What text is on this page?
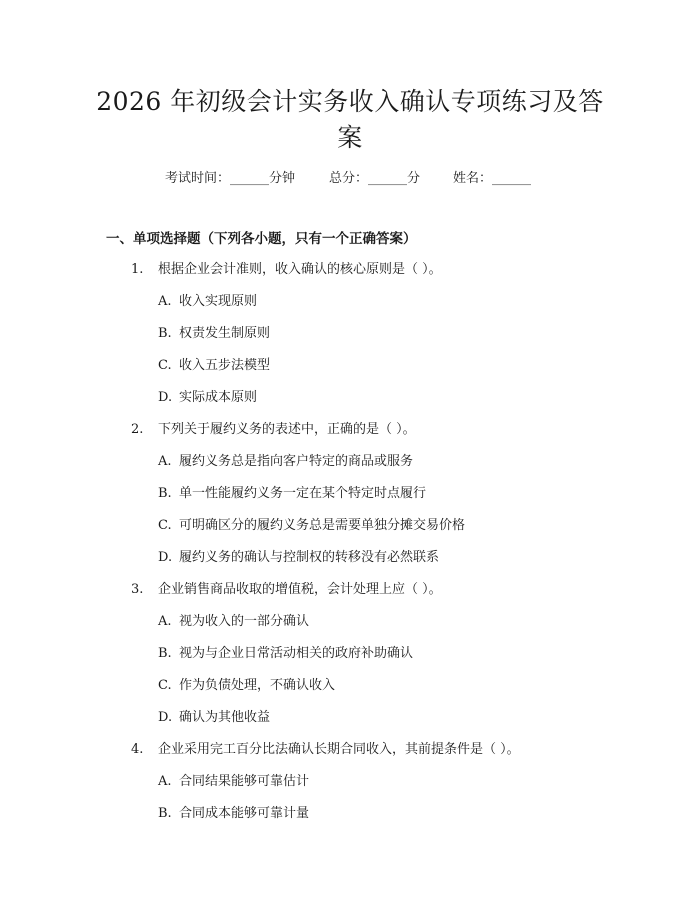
2026 年初级会计实务收入确认专项练习及答案
考试时间：______分钟	总分：______分	姓名：______
一、单项选择题（下列各小题，只有一个正确答案）
1. 根据企业会计准则，收入确认的核心原则是（ ）。
A. 收入实现原则
B. 权责发生制原则
C. 收入五步法模型
D. 实际成本原则
2. 下列关于履约义务的表述中，正确的是（ ）。
A. 履约义务总是指向客户特定的商品或服务
B. 单一性能履约义务一定在某个特定时点履行
C. 可明确区分的履约义务总是需要单独分摊交易价格
D. 履约义务的确认与控制权的转移没有必然联系
3. 企业销售商品收取的增值税，会计处理上应（ ）。
A. 视为收入的一部分确认
B. 视为与企业日常活动相关的政府补助确认
C. 作为负债处理，不确认收入
D. 确认为其他收益
4. 企业采用完工百分比法确认长期合同收入，其前提条件是（ ）。
A. 合同结果能够可靠估计
B. 合同成本能够可靠计量
